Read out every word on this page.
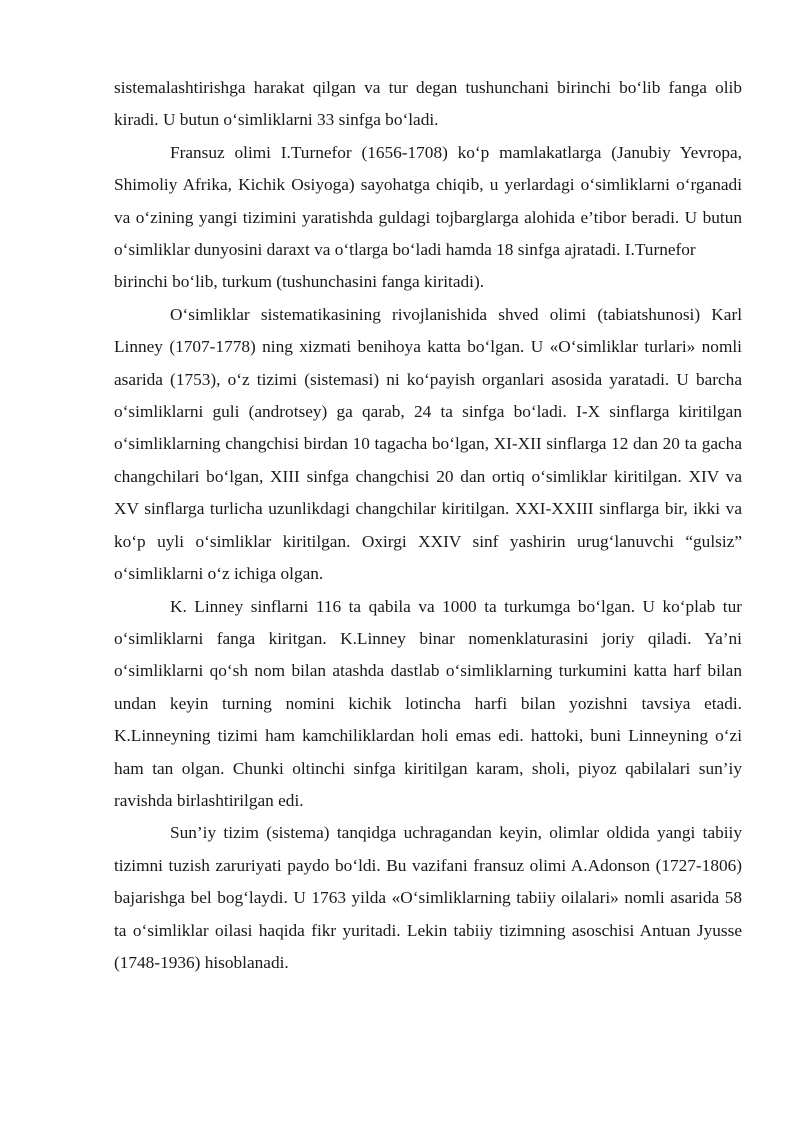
sistemalashtirishga harakat qilgan va tur degan tushunchani birinchi boʻlib fanga olib kiradi. U butun oʻsimliklarni 33 sinfga boʻladi.

Fransuz olimi I.Turnefor (1656-1708) koʻp mamlakatlarga (Janubiy Yevropa, Shimoliy Afrika, Kichik Osiyoga) sayohatga chiqib, u yerlardagi oʻsimliklarni oʻrganadi va oʻzining yangi tizimini yaratishda guldagi tojbarglarga alohida e’tibor beradi. U butun oʻsimliklar dunyosini daraxt va oʻtlarga boʻladi hamda 18 sinfga ajratadi. I.Turnefor

birinchi boʻlib, turkum (tushunchasini fanga kiritadi).

Oʻsimliklar sistematikasining rivojlanishida shved olimi (tabiatshunosi) Karl Linney (1707-1778) ning xizmati benihoya katta boʻlgan. U «Oʻsimliklar turlari» nomli asarida (1753), oʻz tizimi (sistemasi) ni koʻpayish organlari asosida yaratadi. U barcha oʻsimliklarni guli (androtsey) ga qarab, 24 ta sinfga boʻladi. I-X sinflarga kiritilgan oʻsimliklarning changchisi birdan 10 tagacha boʻlgan, XI-XII sinflarga 12 dan 20 ta gacha changchilari boʻlgan, XIII sinfga changchisi 20 dan ortiq oʻsimliklar kiritilgan. XIV va XV sinflarga turlicha uzunlikdagi changchilar kiritilgan. XXI-XXIII sinflarga bir, ikki va koʻp uyli oʻsimliklar kiritilgan. Oxirgi XXIV sinf yashirin urugʻlanuvchi “gulsiz” oʻsimliklarni oʻz ichiga olgan.

K. Linney sinflarni 116 ta qabila va 1000 ta turkumga boʻlgan. U koʻplab tur oʻsimliklarni fanga kiritgan. K.Linney binar nomenklaturasini joriy qiladi. Ya’ni oʻsimliklarni qoʻsh nom bilan atashda dastlab oʻsimliklarning turkumini katta harf bilan undan keyin turning nomini kichik lotincha harfi bilan yozishni tavsiya etadi. K.Linneyning tizimi ham kamchiliklardan holi emas edi. hattoki, buni Linneyning oʻzi ham tan olgan. Chunki oltinchi sinfga kiritilgan karam, sholi, piyoz qabilalari sun’iy ravishda birlashtirilgan edi.

Sun’iy tizim (sistema) tanqidga uchragandan keyin, olimlar oldida yangi tabiiy tizimni tuzish zaruriyati paydo boʻldi. Bu vazifani fransuz olimi A.Adonson (1727-1806) bajarishga bel bogʻlaydi. U 1763 yilda «Oʻsimliklarning tabiiy oilalari» nomli asarida 58 ta oʻsimliklar oilasi haqida fikr yuritadi. Lekin tabiiy tizimning asoschisi Antuan Jyusse (1748-1936) hisoblanadi.
